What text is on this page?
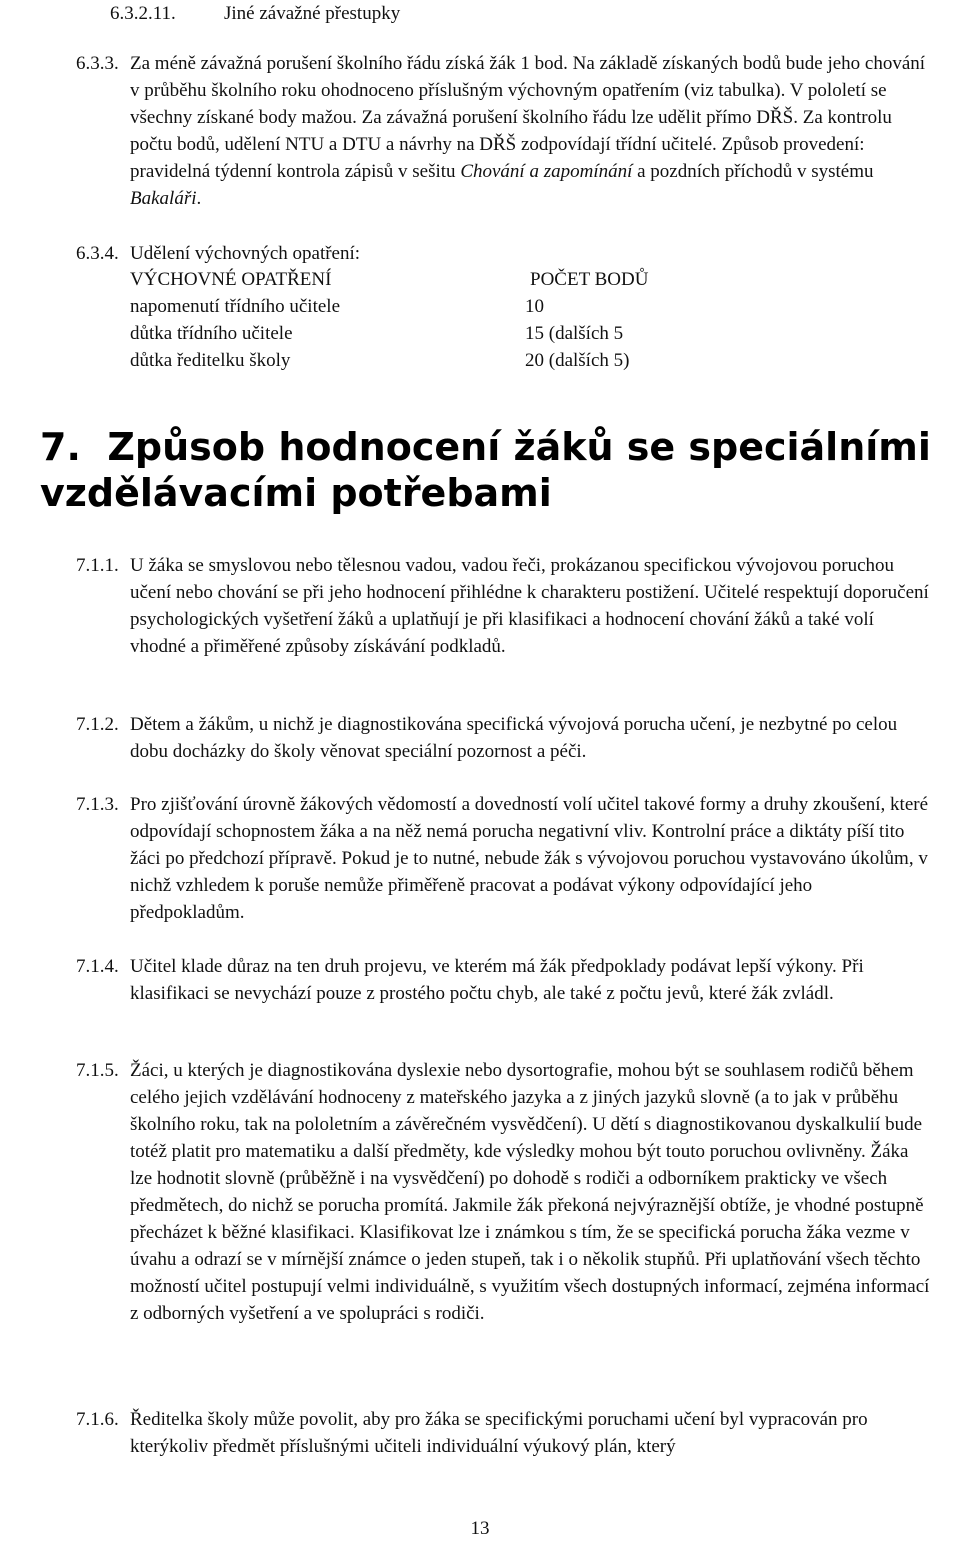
6.3.2.11.	Jiné závažné přestupky
6.3.3. Za méně závažná porušení školního řádu získá žák 1 bod. Na základě získaných bodů bude jeho chování v průběhu školního roku ohodnoceno příslušným výchovným opatřením (viz tabulka). V pololetí se všechny získané body mažou. Za závažná porušení školního řádu lze udělit přímo DŘŠ. Za kontrolu počtu bodů, udělení NTU a DTU a návrhy na DŘŠ zodpovídají třídní učitelé. Způsob provedení: pravidelná týdenní kontrola zápisů v sešitu Chování a zapomínání a pozdních příchodů v systému Bakaláři.
6.3.4. Udělení výchovných opatření:
VÝCHOVNÉ OPATŘENÍ	POČET BODŮ
napomenutí třídního učitele	10
důtka třídního učitele	15 (dalších 5
důtka ředitelku školy	20 (dalších 5)
7. Způsob hodnocení žáků se speciálními vzdělávacími potřebami
7.1.1. U žáka se smyslovou nebo tělesnou vadou, vadou řeči, prokázanou specifickou vývojovou poruchou učení nebo chování se při jeho hodnocení přihlédne k charakteru postižení. Učitelé respektují doporučení psychologických vyšetření žáků a uplatňují je při klasifikaci a hodnocení chování žáků a také volí vhodné a přiměřené způsoby získávání podkladů.
7.1.2. Dětem a žákům, u nichž je diagnostikována specifická vývojová porucha učení, je nezbytné po celou dobu docházky do školy věnovat speciální pozornost a péči.
7.1.3. Pro zjišťování úrovně žákových vědomostí a dovedností volí učitel takové formy a druhy zkoušení, které odpovídají schopnostem žáka a na něž nemá porucha negativní vliv. Kontrolní práce a diktáty píší tito žáci po předchozí přípravě. Pokud je to nutné, nebude žák s vývojovou poruchou vystavováno úkolům, v nichž vzhledem k poruše nemůže přiměřeně pracovat a podávat výkony odpovídající jeho předpokladům.
7.1.4. Učitel klade důraz na ten druh projevu, ve kterém má žák předpoklady podávat lepší výkony. Při klasifikaci se nevychází pouze z prostého počtu chyb, ale také z počtu jevů, které žák zvládl.
7.1.5. Žáci, u kterých je diagnostikována dyslexie nebo dysortografie, mohou být se souhlasem rodičů během celého jejich vzdělávání hodnoceny z mateřského jazyka a z jiných jazyků slovně (a to jak v průběhu školního roku, tak na pololetním a závěrečném vysvědčení). U dětí s diagnostikovanou dyskalkulií bude totéž platit pro matematiku a další předměty, kde výsledky mohou být touto poruchou ovlivněny. Žáka lze hodnotit slovně (průběžně i na vysvědčení) po dohodě s rodiči a odborníkem prakticky ve všech předmětech, do nichž se porucha promítá. Jakmile žák překoná nejvýraznější obtíže, je vhodné postupně přecházet k běžné klasifikaci. Klasifikovat lze i známkou s tím, že se specifická porucha žáka vezme v úvahu a odrazí se v mírnější známce o jeden stupeň, tak i o několik stupňů. Při uplatňování všech těchto možností učitel postupují velmi individuálně, s využitím všech dostupných informací, zejména informací z odborných vyšetření a ve spolupráci s rodiči.
7.1.6. Ředitelka školy může povolit, aby pro žáka se specifickými poruchami učení byl vypracován pro kterýkoliv předmět příslušnými učiteli individuální výukový plán, který
13
